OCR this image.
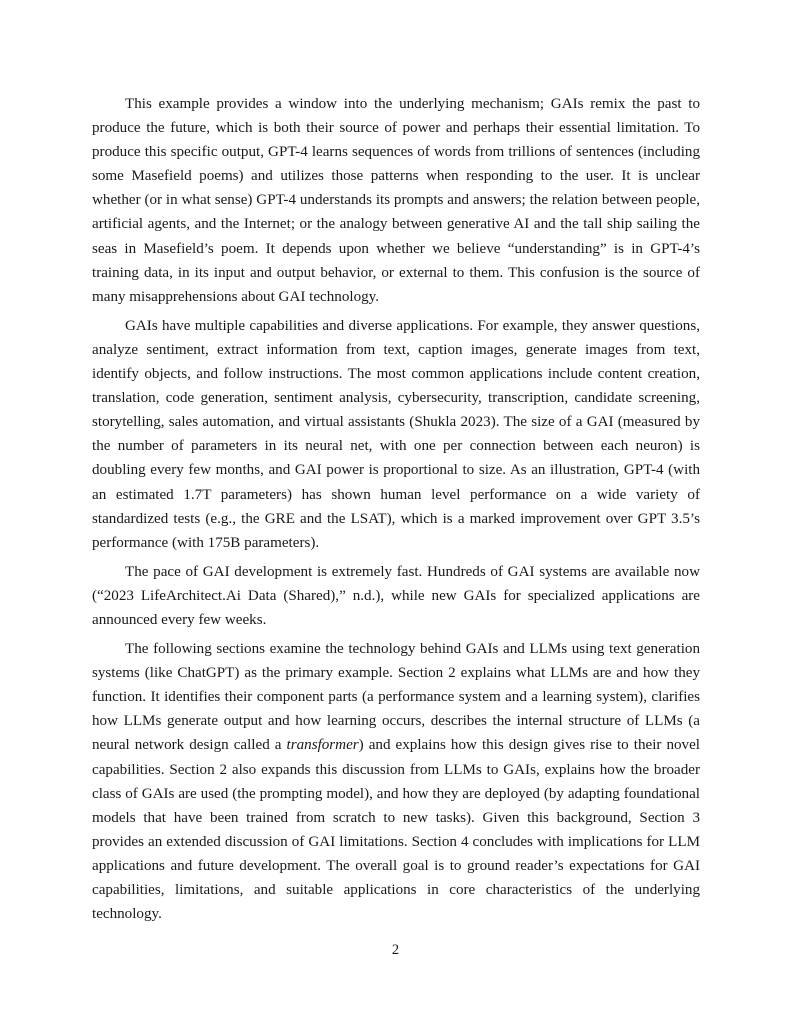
This example provides a window into the underlying mechanism; GAIs remix the past to produce the future, which is both their source of power and perhaps their essential limitation. To produce this specific output, GPT-4 learns sequences of words from trillions of sentences (including some Masefield poems) and utilizes those patterns when responding to the user. It is unclear whether (or in what sense) GPT-4 understands its prompts and answers; the relation between people, artificial agents, and the Internet; or the analogy between generative AI and the tall ship sailing the seas in Masefield’s poem. It depends upon whether we believe “understanding” is in GPT-4’s training data, in its input and output behavior, or external to them. This confusion is the source of many misapprehensions about GAI technology.

GAIs have multiple capabilities and diverse applications. For example, they answer questions, analyze sentiment, extract information from text, caption images, generate images from text, identify objects, and follow instructions. The most common applications include content creation, translation, code generation, sentiment analysis, cybersecurity, transcription, candidate screening, storytelling, sales automation, and virtual assistants (Shukla 2023). The size of a GAI (measured by the number of parameters in its neural net, with one per connection between each neuron) is doubling every few months, and GAI power is proportional to size. As an illustration, GPT-4 (with an estimated 1.7T parameters) has shown human level performance on a wide variety of standardized tests (e.g., the GRE and the LSAT), which is a marked improvement over GPT 3.5’s performance (with 175B parameters).

The pace of GAI development is extremely fast. Hundreds of GAI systems are available now (“2023 LifeArchitect.Ai Data (Shared),” n.d.), while new GAIs for specialized applications are announced every few weeks.

The following sections examine the technology behind GAIs and LLMs using text generation systems (like ChatGPT) as the primary example. Section 2 explains what LLMs are and how they function. It identifies their component parts (a performance system and a learning system), clarifies how LLMs generate output and how learning occurs, describes the internal structure of LLMs (a neural network design called a transformer) and explains how this design gives rise to their novel capabilities. Section 2 also expands this discussion from LLMs to GAIs, explains how the broader class of GAIs are used (the prompting model), and how they are deployed (by adapting foundational models that have been trained from scratch to new tasks). Given this background, Section 3 provides an extended discussion of GAI limitations. Section 4 concludes with implications for LLM applications and future development. The overall goal is to ground reader’s expectations for GAI capabilities, limitations, and suitable applications in core characteristics of the underlying technology.

2
